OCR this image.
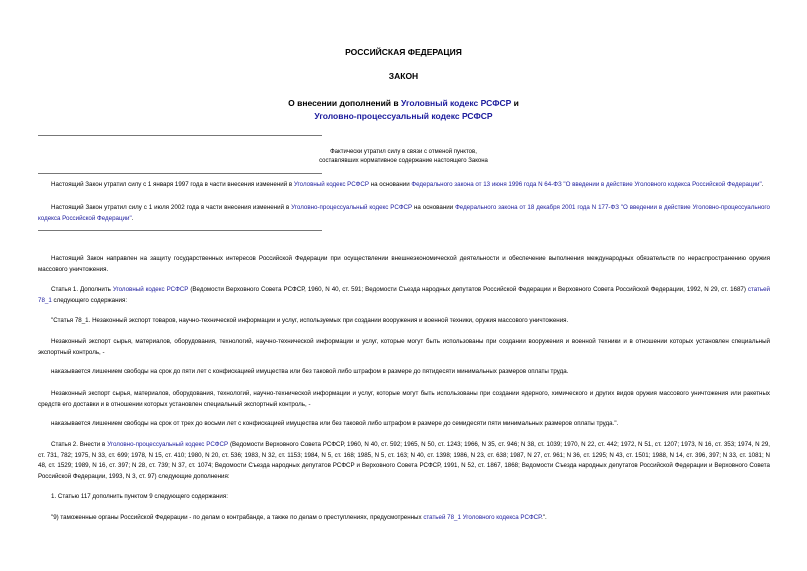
РОССИЙСКАЯ ФЕДЕРАЦИЯ
ЗАКОН
О внесении дополнений в Уголовный кодекс РСФСР и
Уголовно-процессуальный кодекс РСФСР
Фактически утратил силу в связи с отменой пунктов,
составлявших нормативное содержание настоящего Закона
Настоящий Закон утратил силу с 1 января 1997 года в части внесения изменений в Уголовный кодекс РСФСР на основании Федерального закона от 13 июня 1996 года N 64-ФЗ "О введении в действие Уголовного кодекса Российской Федерации".
Настоящий Закон утратил силу с 1 июля 2002 года в части внесения изменений в Уголовно-процессуальный кодекс РСФСР на основании Федерального закона от 18 декабря 2001 года N 177-ФЗ "О введении в действие Уголовно-процессуального кодекса Российской Федерации".
Настоящий Закон направлен на защиту государственных интересов Российской Федерации при осуществлении внешнеэкономической деятельности и обеспечение выполнения международных обязательств по нераспространению оружия массового уничтожения.
Статья 1. Дополнить Уголовный кодекс РСФСР (Ведомости Верховного Совета РСФСР, 1960, N 40, ст. 591; Ведомости Съезда народных депутатов Российской Федерации и Верховного Совета Российской Федерации, 1992, N 29, ст. 1687) статьей 78_1 следующего содержания:
"Статья 78_1. Незаконный экспорт товаров, научно-технической информации и услуг, используемых при создании вооружения и военной техники, оружия массового уничтожения.
Незаконный экспорт сырья, материалов, оборудования, технологий, научно-технической информации и услуг, которые могут быть использованы при создании вооружения и военной техники и в отношении которых установлен специальный экспортный контроль, -
наказывается лишением свободы на срок до пяти лет с конфискацией имущества или без таковой либо штрафом в размере до пятидесяти минимальных размеров оплаты труда.
Незаконный экспорт сырья, материалов, оборудования, технологий, научно-технической информации и услуг, которые могут быть использованы при создании ядерного, химического и других видов оружия массового уничтожения или ракетных средств его доставки и в отношении которых установлен специальный экспортный контроль, -
наказывается лишением свободы на срок от трех до восьми лет с конфискацией имущества или без таковой либо штрафом в размере до семидесяти пяти минимальных размеров оплаты труда.".
Статья 2. Внести в Уголовно-процессуальный кодекс РСФСР (Ведомости Верховного Совета РСФСР, 1960, N 40, ст. 592; 1965, N 50, ст. 1243; 1966, N 35, ст. 946; N 38, ст. 1039; 1970, N 22, ст. 442; 1972, N 51, ст. 1207; 1973, N 16, ст. 353; 1974, N 29, ст. 731, 782; 1975, N 33, ст. 699; 1978, N 15, ст. 410; 1980, N 20, ст. 536; 1983, N 32, ст. 1153; 1984, N 5, ст. 168; 1985, N 5, ст. 163; N 40, ст. 1398; 1986, N 23, ст. 638; 1987, N 27, ст. 961; N 36, ст. 1295; N 43, ст. 1501; 1988, N 14, ст. 396, 397; N 33, ст. 1081; N 48, ст. 1529; 1989, N 16, ст. 397; N 28, ст. 739; N 37, ст. 1074; Ведомости Съезда народных депутатов РСФСР и Верховного Совета РСФСР, 1991, N 52, ст. 1867, 1868; Ведомости Съезда народных депутатов Российской Федерации и Верховного Совета Российской Федерации, 1993, N 3, ст. 97) следующие дополнения:
1. Статью 117 дополнить пунктом 9 следующего содержания:
"9) таможенные органы Российской Федерации - по делам о контрабанде, а также по делам о преступлениях, предусмотренных статьей 78_1 Уголовного кодекса РСФСР.".
